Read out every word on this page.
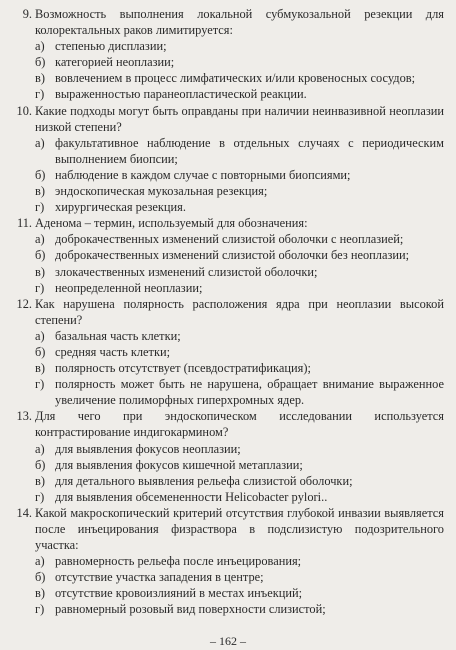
9. Возможность выполнения локальной субмукозальной резекции для колоректальных раков лимитируется:
а) степенью дисплазии;
б) категорией неоплазии;
в) вовлечением в процесс лимфатических и/или кровеносных сосудов;
г) выраженностью паранеопластической реакции.
10. Какие подходы могут быть оправданы при наличии неинвазивной неоплазии низкой степени?
а) факультативное наблюдение в отдельных случаях с периодическим выполнением биопсии;
б) наблюдение в каждом случае с повторными биопсиями;
в) эндоскопическая мукозальная резекция;
г) хирургическая резекция.
11. Аденома – термин, используемый для обозначения:
а) доброкачественных изменений слизистой оболочки с неоплазией;
б) доброкачественных изменений слизистой оболочки без неоплазии;
в) злокачественных изменений слизистой оболочки;
г) неопределенной неоплазии;
12. Как нарушена полярность расположения ядра при неоплазии высокой степени?
а) базальная часть клетки;
б) средняя часть клетки;
в) полярность отсутствует (псевдостратификация);
г) полярность может быть не нарушена, обращает внимание выраженное увеличение полиморфных гиперхромных ядер.
13. Для чего при эндоскопическом исследовании используется контрастирование индигокармином?
а) для выявления фокусов неоплазии;
б) для выявления фокусов кишечной метаплазии;
в) для детального выявления рельефа слизистой оболочки;
г) для выявления обсемененности Helicobacter pylori..
14. Какой макроскопический критерий отсутствия глубокой инвазии выявляется после инъецирования физраствора в подслизистую подозрительного участка:
а) равномерность рельефа после инъецирования;
б) отсутствие участка западения в центре;
в) отсутствие кровоизлияний в местах инъекций;
г) равномерный розовый вид поверхности слизистой;
– 162 –
